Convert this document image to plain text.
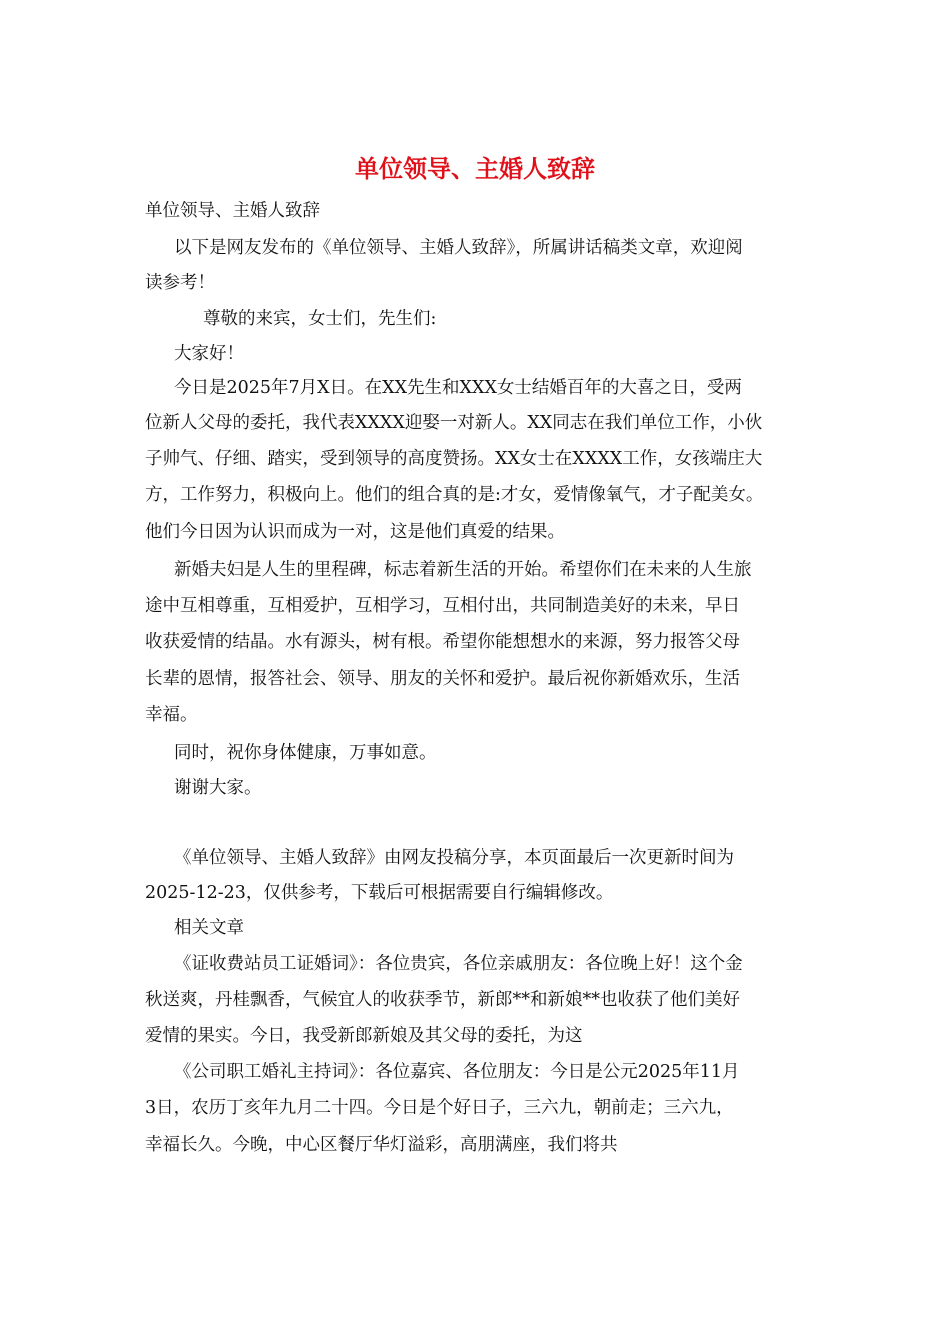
单位领导、主婚人致辞
单位领导、主婚人致辞
以下是网友发布的《单位领导、主婚人致辞》，所属讲话稿类文章，欢迎阅
读参考！
尊敬的来宾，女士们，先生们:
大家好！
今日是2025年7月X日。在XX先生和XXX女士结婚百年的大喜之日，受两
位新人父母的委托，我代表XXXX迎娶一对新人。XX同志在我们单位工作，小伙
子帅气、仔细、踏实，受到领导的高度赞扬。XX女士在XXXX工作，女孩端庄大
方，工作努力，积极向上。他们的组合真的是:才女，爱情像氧气，才子配美女。
他们今日因为认识而成为一对，这是他们真爱的结果。
新婚夫妇是人生的里程碑，标志着新生活的开始。希望你们在未来的人生旅
途中互相尊重，互相爱护，互相学习，互相付出，共同制造美好的未来，早日
收获爱情的结晶。水有源头，树有根。希望你能想想水的来源，努力报答父母
长辈的恩情，报答社会、领导、朋友的关怀和爱护。最后祝你新婚欢乐，生活
幸福。
同时，祝你身体健康，万事如意。
谢谢大家。
《单位领导、主婚人致辞》由网友投稿分享，本页面最后一次更新时间为
2025-12-23，仅供参考，下载后可根据需要自行编辑修改。
相关文章
《证收费站员工证婚词》：各位贵宾，各位亲戚朋友：各位晚上好！这个金
秋送爽，丹桂飘香，气候宜人的收获季节，新郎**和新娘**也收获了他们美好
爱情的果实。今日，我受新郎新娘及其父母的委托，为这
《公司职工婚礼主持词》：各位嘉宾、各位朋友：今日是公元2025年11月
3日，农历丁亥年九月二十四。今日是个好日子，三六九，朝前走；三六九，
幸福长久。今晚，中心区餐厅华灯溢彩，高朋满座，我们将共
